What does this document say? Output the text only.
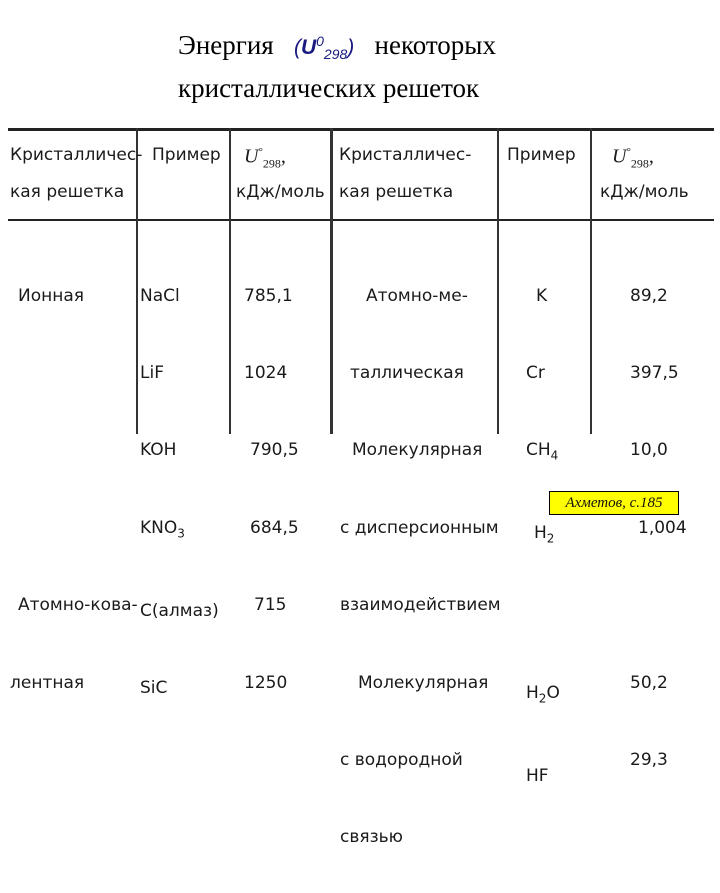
Энергия $(U^0_{298})$ некоторых
кристаллических решеток
Кристалличес-
кая решетка
Пример $U^\circ_{298}$,
кДж/моль
Кристалличес-
кая решетка
Пример $U^\circ_{298}$,
кДж/моль

Ионная

Атомно-кова-

лентная

NaCl

LiF

KOH

$KNO_3$

C(алмаз)

SiC

785,1

1024

790,5

684,5

715

1250

Атомно-ме-

таллическая

Молекулярная

с дисперсионным

взаимодействием

Молекулярная

с водородной

связью

K

Cr

$CH_4$

$H_2$

$H_2O$

HF

89,2

397,5

10,0

1,004

50,2

29,3

Ахметов, с.185
